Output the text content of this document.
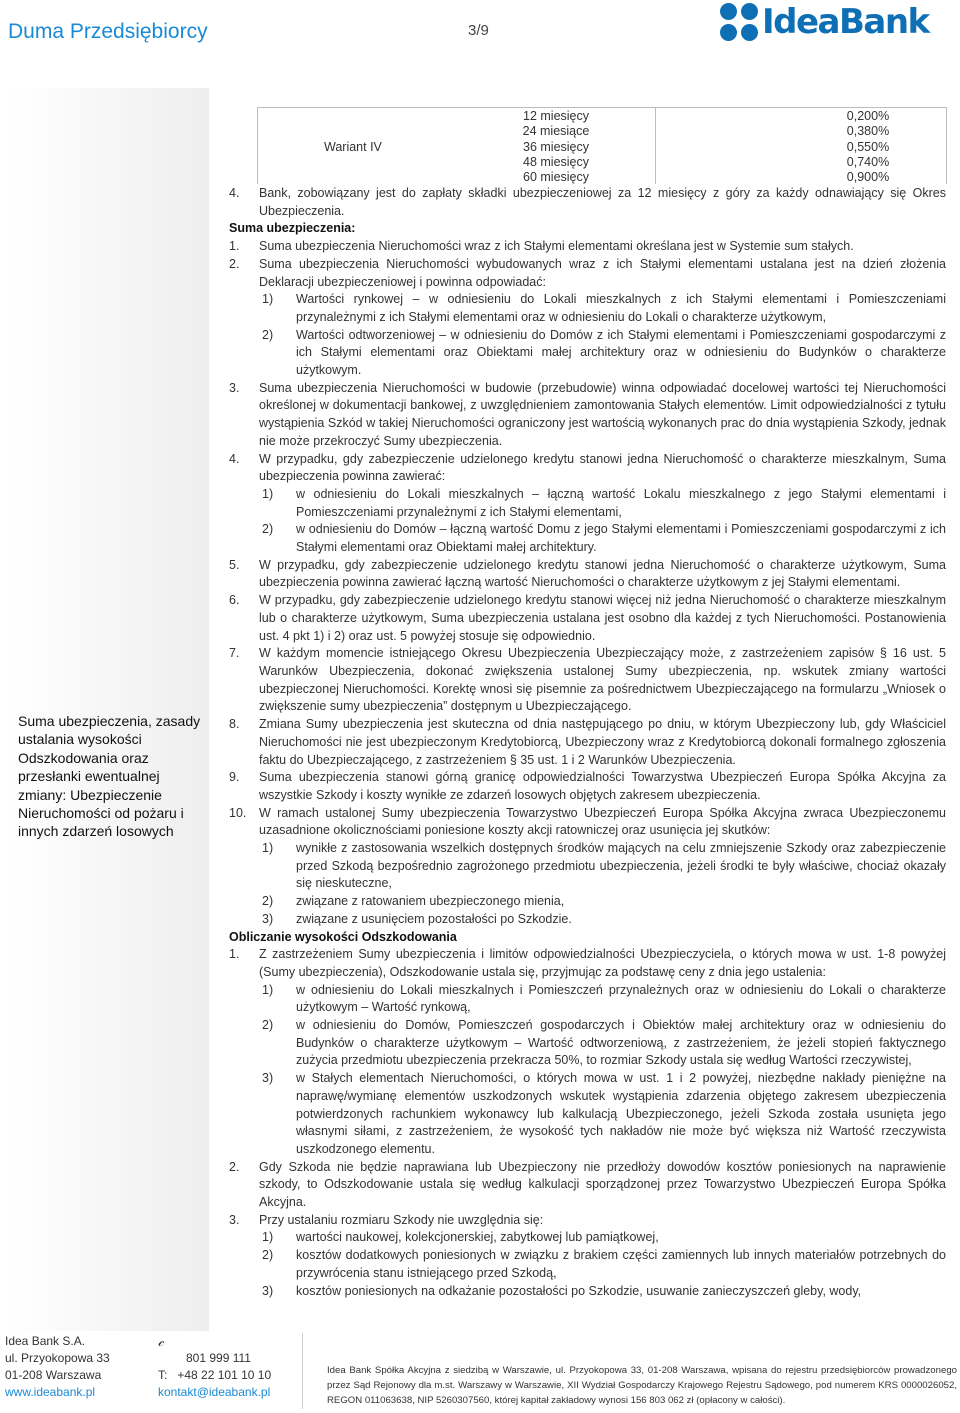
Duma Przedsiębiorcy	3/9	IdeaBank
Suma ubezpieczenia, zasady ustalania wysokości Odszkodowania oraz przesłanki ewentualnej zmiany: Ubezpieczenie Nieruchomości od pożaru i innych zdarzeń losowych
Wariant IV
12 miesięcy
24 miesiące
36 miesięcy
48 miesięcy
60 miesięcy
0,200%
0,380%
0,550%
0,740%
0,900%
4. Bank, zobowiązany jest do zapłaty składki ubezpieczeniowej za 12 miesięcy z góry za każdy odnawiający się Okres Ubezpieczenia.
Suma ubezpieczenia:
1. Suma ubezpieczenia Nieruchomości wraz z ich Stałymi elementami określana jest w Systemie sum stałych.
2. Suma ubezpieczenia Nieruchomości wybudowanych wraz z ich Stałymi elementami ustalana jest na dzień złożenia Deklaracji ubezpieczeniowej i powinna odpowiadać:
1) Wartości rynkowej – w odniesieniu do Lokali mieszkalnych z ich Stałymi elementami i Pomieszczeniami przynależnymi z ich Stałymi elementami oraz w odniesieniu do Lokali o charakterze użytkowym,
2) Wartości odtworzeniowej – w odniesieniu do Domów z ich Stałymi elementami i Pomieszczeniami gospodarczymi z ich Stałymi elementami oraz Obiektami małej architektury oraz w odniesieniu do Budynków o charakterze użytkowym.
3. Suma ubezpieczenia Nieruchomości w budowie (przebudowie) winna odpowiadać docelowej wartości tej Nieruchomości określonej w dokumentacji bankowej, z uwzględnieniem zamontowania Stałych elementów. Limit odpowiedzialności z tytułu wystąpienia Szkód w takiej Nieruchomości ograniczony jest wartością wykonanych prac do dnia wystąpienia Szkody, jednak nie może przekroczyć Sumy ubezpieczenia.
4. W przypadku, gdy zabezpieczenie udzielonego kredytu stanowi jedna Nieruchomość o charakterze mieszkalnym, Suma ubezpieczenia powinna zawierać:
1) w odniesieniu do Lokali mieszkalnych – łączną wartość Lokalu mieszkalnego z jego Stałymi elementami i Pomieszczeniami przynależnymi z ich Stałymi elementami,
2) w odniesieniu do Domów – łączną wartość Domu z jego Stałymi elementami i Pomieszczeniami gospodarczymi z ich Stałymi elementami oraz Obiektami małej architektury.
5. W przypadku, gdy zabezpieczenie udzielonego kredytu stanowi jedna Nieruchomość o charakterze użytkowym, Suma ubezpieczenia powinna zawierać łączną wartość Nieruchomości o charakterze użytkowym z jej Stałymi elementami.
6. W przypadku, gdy zabezpieczenie udzielonego kredytu stanowi więcej niż jedna Nieruchomość o charakterze mieszkalnym lub o charakterze użytkowym, Suma ubezpieczenia ustalana jest osobno dla każdej z tych Nieruchomości. Postanowienia ust. 4 pkt 1) i 2) oraz ust. 5 powyżej stosuje się odpowiednio.
7. W każdym momencie istniejącego Okresu Ubezpieczenia Ubezpieczający może, z zastrzeżeniem zapisów § 16 ust. 5 Warunków Ubezpieczenia, dokonać zwiększenia ustalonej Sumy ubezpieczenia, np. wskutek zmiany wartości ubezpieczonej Nieruchomości. Korektę wnosi się pisemnie za pośrednictwem Ubezpieczającego na formularzu „Wniosek o zwiększenie sumy ubezpieczenia” dostępnym u Ubezpieczającego.
8. Zmiana Sumy ubezpieczenia jest skuteczna od dnia następującego po dniu, w którym Ubezpieczony lub, gdy Właściciel Nieruchomości nie jest ubezpieczonym Kredytobiorcą, Ubezpieczony wraz z Kredytobiorcą dokonali formalnego zgłoszenia faktu do Ubezpieczającego, z zastrzeżeniem § 35 ust. 1 i 2 Warunków Ubezpieczenia.
9. Suma ubezpieczenia stanowi górną granicę odpowiedzialności Towarzystwa Ubezpieczeń Europa Spółka Akcyjna za wszystkie Szkody i koszty wynikłe ze zdarzeń losowych objętych zakresem ubezpieczenia.
10. W ramach ustalonej Sumy ubezpieczenia Towarzystwo Ubezpieczeń Europa Spółka Akcyjna zwraca Ubezpieczonemu uzasadnione okolicznościami poniesione koszty akcji ratowniczej oraz usunięcia jej skutków:
1) wynikłe z zastosowania wszelkich dostępnych środków mających na celu zmniejszenie Szkody oraz zabezpieczenie przed Szkodą bezpośrednio zagrożonego przedmiotu ubezpieczenia, jeżeli środki te były właściwe, chociaż okazały się nieskuteczne,
2) związane z ratowaniem ubezpieczonego mienia,
3) związane z usunięciem pozostałości po Szkodzie.
Obliczanie wysokości Odszkodowania
1. Z zastrzeżeniem Sumy ubezpieczenia i limitów odpowiedzialności Ubezpieczyciela, o których mowa w ust. 1-8 powyżej (Sumy ubezpieczenia), Odszkodowanie ustala się, przyjmując za podstawę ceny z dnia jego ustalenia:
1) w odniesieniu do Lokali mieszkalnych i Pomieszczeń przynależnych oraz w odniesieniu do Lokali o charakterze użytkowym – Wartość rynkową,
2) w odniesieniu do Domów, Pomieszczeń gospodarczych i Obiektów małej architektury oraz w odniesieniu do Budynków o charakterze użytkowym – Wartość odtworzeniową, z zastrzeżeniem, że jeżeli stopień faktycznego zużycia przedmiotu ubezpieczenia przekracza 50%, to rozmiar Szkody ustala się według Wartości rzeczywistej,
3) w Stałych elementach Nieruchomości, o których mowa w ust. 1 i 2 powyżej, niezbędne nakłady pieniężne na naprawę/wymianę elementów uszkodzonych wskutek wystąpienia zdarzenia objętego zakresem ubezpieczenia potwierdzonych rachunkiem wykonawcy lub kalkulacją Ubezpieczonego, jeżeli Szkoda została usunięta jego własnymi siłami, z zastrzeżeniem, że wysokość tych nakładów nie może być większa niż Wartość rzeczywista uszkodzonego elementu.
2. Gdy Szkoda nie będzie naprawiana lub Ubezpieczony nie przedłoży dowodów kosztów poniesionych na naprawienie szkody, to Odszkodowanie ustala się według kalkulacji sporządzonej przez Towarzystwo Ubezpieczeń Europa Spółka Akcyjna.
3. Przy ustalaniu rozmiaru Szkody nie uwzględnia się:
1) wartości naukowej, kolekcjonerskiej, zabytkowej lub pamiątkowej,
2) kosztów dodatkowych poniesionych w związku z brakiem części zamiennych lub innych materiałów potrzebnych do przywrócenia stanu istniejącego przed Szkodą,
3) kosztów poniesionych na odkażanie pozostałości po Szkodzie, usuwanie zanieczyszczeń gleby, wody,
Idea Bank S.A.
ul. Przyokopowa 33
01-208 Warszawa
www.ideabank.pl
𝒸

801 999 111
T: +48 22 101 10 10
kontakt@ideabank.pl
Idea Bank Spółka Akcyjna z siedzibą w Warszawie, ul. Przyokopowa 33, 01-208 Warszawa, wpisana do rejestru przedsiębiorców prowadzonego przez Sąd Rejonowy dla m.st. Warszawy w Warszawie, XII Wydział Gospodarczy Krajowego Rejestru Sądowego, pod numerem KRS 0000026052, REGON 011063638, NIP 5260307560, której kapitał zakładowy wynosi 156 803 062 zł (opłacony w całości).
